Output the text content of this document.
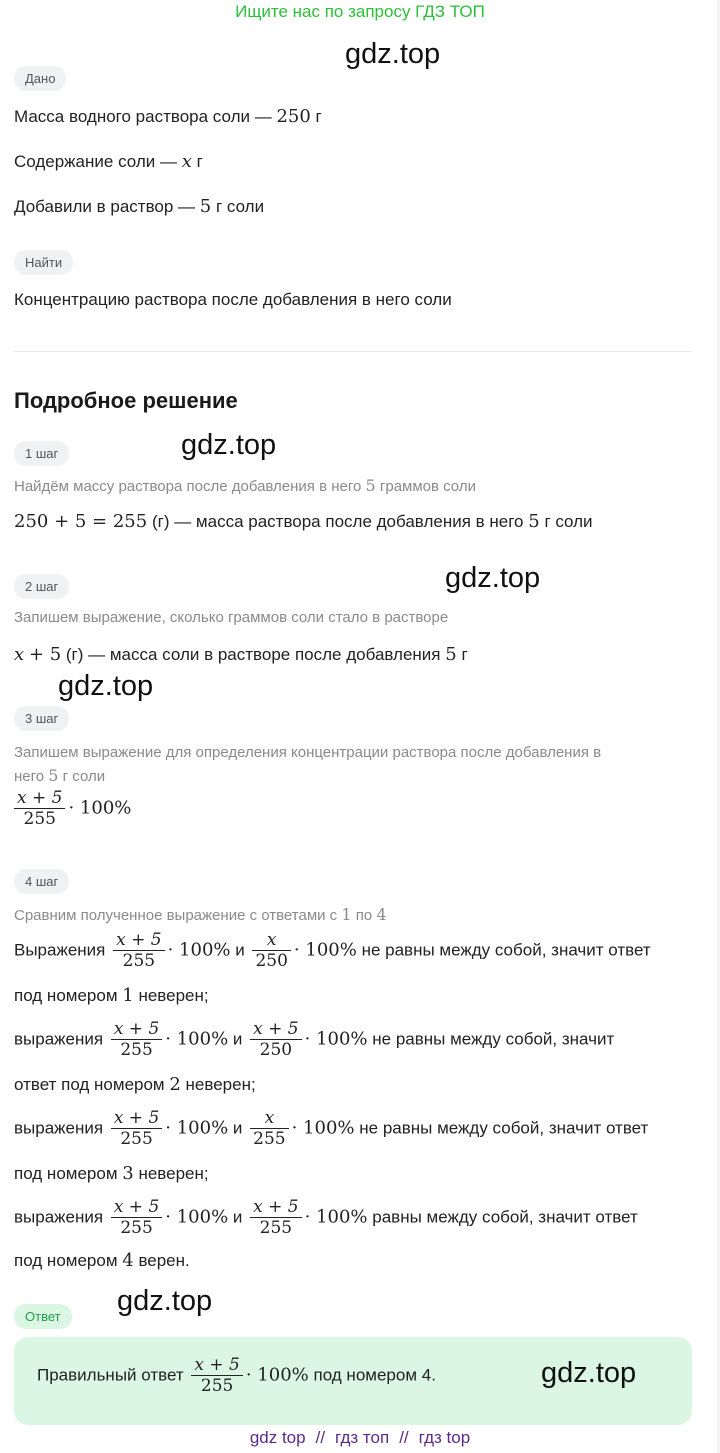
Ищите нас по запросу ГДЗ ТОП
gdz.top
Дано
Масса водного раствора соли — 250 г
Содержание соли — x г
Добавили в раствор — 5 г соли
Найти
Концентрацию раствора после добавления в него соли
Подробное решение
1 шаг	gdz.top
Найдём массу раствора после добавления в него 5 граммов соли
250 + 5 = 255 (г) — масса раствора после добавления в него 5 г соли
2 шаг	gdz.top
Запишем выражение, сколько граммов соли стало в растворе
x + 5 (г) — масса соли в растворе после добавления 5 г
gdz.top
3 шаг
Запишем выражение для определения концентрации раствора после добавления в
него 5 г соли
$\frac{x + 5}{255} \cdot 100\%$
4 шаг
Сравним полученное выражение с ответами с 1 по 4
Выражения $\frac{x + 5}{255} \cdot 100\%$ и $\frac{x}{250} \cdot 100\%$ не равны между собой, значит ответ
под номером 1 неверен;
выражения $\frac{x + 5}{255} \cdot 100\%$ и $\frac{x + 5}{250} \cdot 100\%$ не равны между собой, значит
ответ под номером 2 неверен;
выражения $\frac{x + 5}{255} \cdot 100\%$ и $\frac{x}{255} \cdot 100\%$ не равны между собой, значит ответ
под номером 3 неверен;
выражения $\frac{x + 5}{255} \cdot 100\%$ и $\frac{x + 5}{255} \cdot 100\%$ равны между собой, значит ответ
под номером 4 верен.
Ответ	gdz.top
Правильный ответ $\frac{x + 5}{255} \cdot 100\%$ под номером 4.	gdz.top
gdz top // гдз топ // гдз top
